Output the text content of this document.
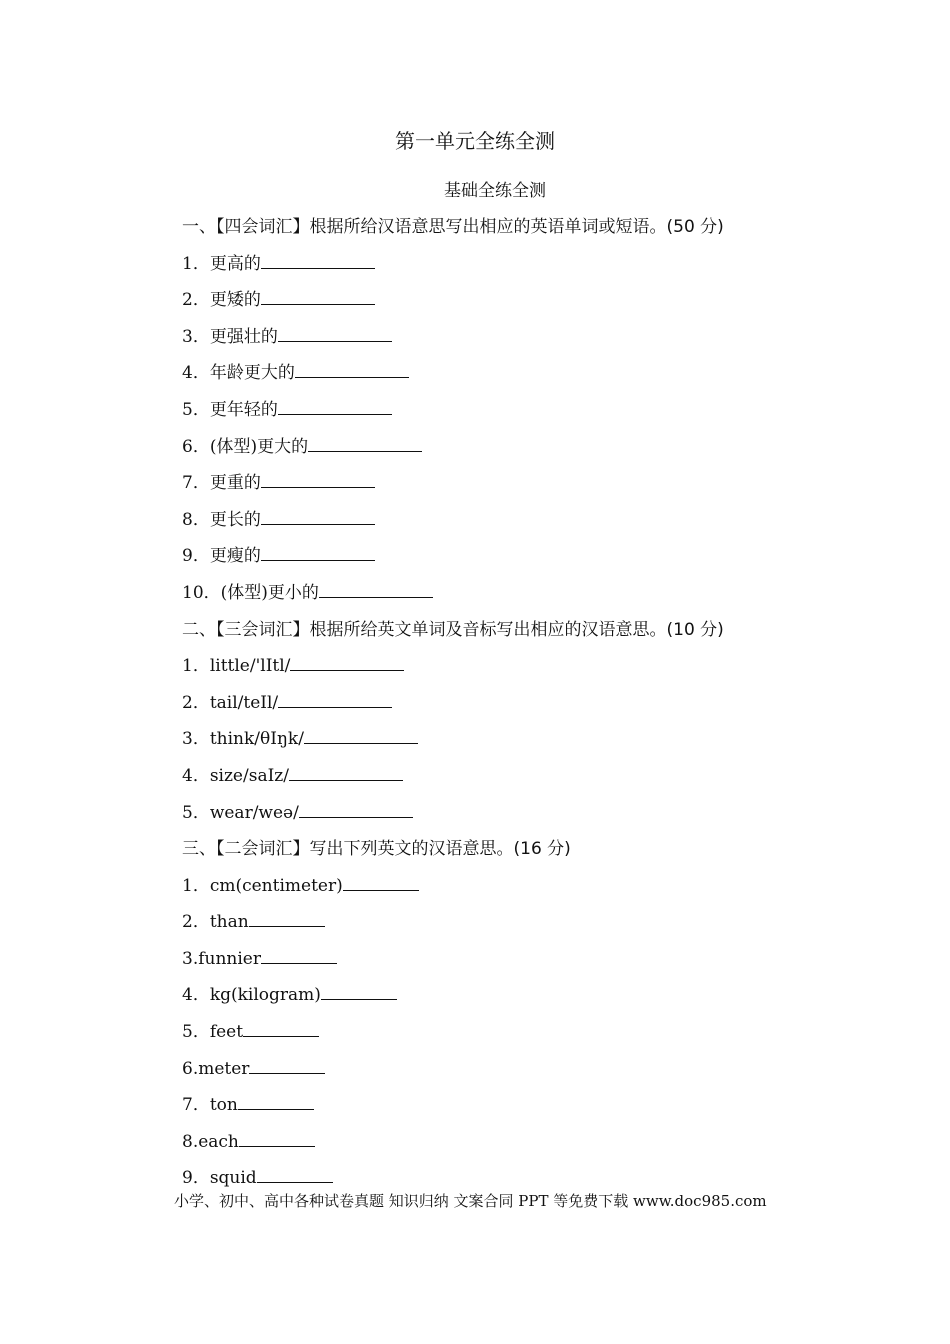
第一单元全练全测
基础全练全测
一、【四会词汇】根据所给汉语意思写出相应的英语单词或短语。(50 分)
1．更高的
2．更矮的
3．更强壮的
4．年龄更大的
5．更年轻的
6．(体型)更大的
7．更重的
8．更长的
9．更瘦的
10．(体型)更小的
二、【三会词汇】根据所给英文单词及音标写出相应的汉语意思。(10 分)
1．little/'lItl/
2．tail/teIl/
3．think/θIŋk/
4．size/saIz/
5．wear/weə/
三、【二会词汇】写出下列英文的汉语意思。(16 分)
1．cm(centimeter)
2．than
3.funnier
4．kg(kilogram)
5．feet
6.meter
7．ton
8.each
9．squid
小学、初中、高中各种试卷真题 知识归纳 文案合同 PPT 等免费下载 www.doc985.com
